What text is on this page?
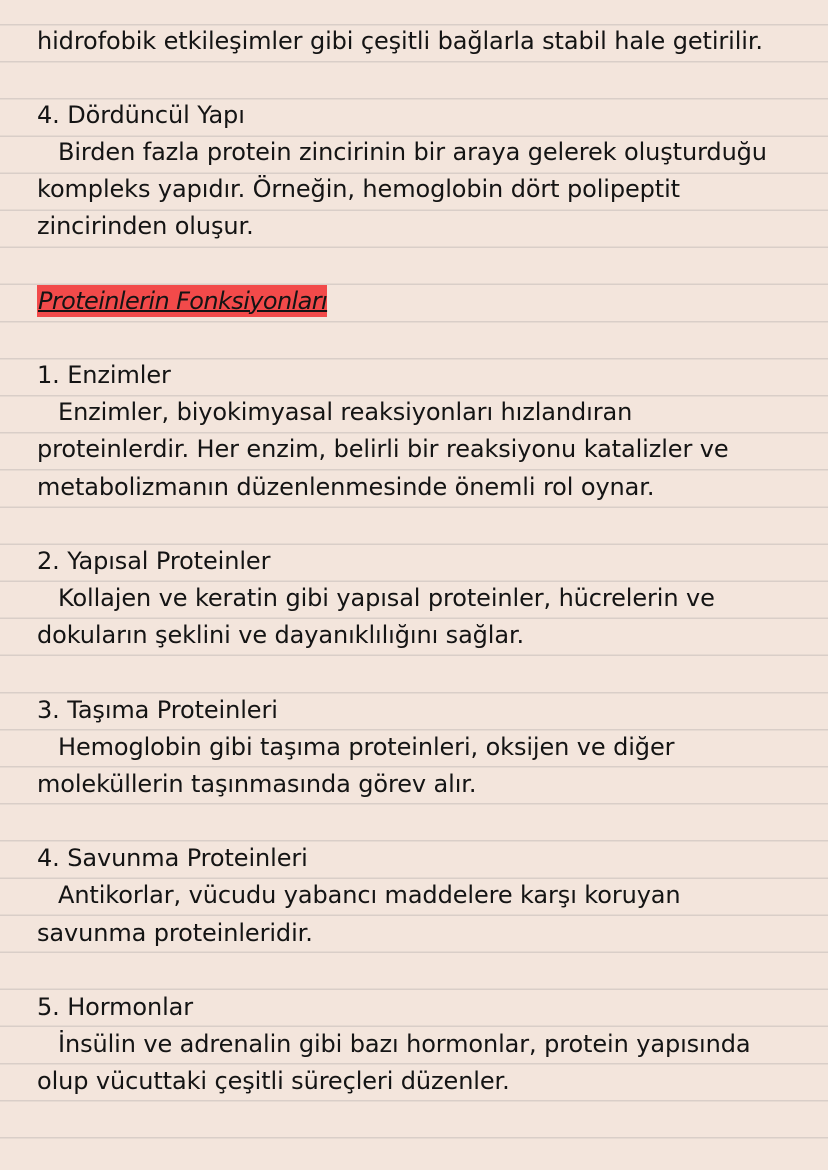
hidrofobik etkileşimler gibi çeşitli bağlarla stabil hale getirilir.
4. Dördüncül Yapı
Birden fazla protein zincirinin bir araya gelerek oluşturduğu
kompleks yapıdır. Örneğin, hemoglobin dört polipeptit
zincirinden oluşur.
Proteinlerin Fonksiyonları
1. Enzimler
Enzimler, biyokimyasal reaksiyonları hızlandıran
proteinlerdir. Her enzim, belirli bir reaksiyonu katalizler ve
metabolizmanın düzenlenmesinde önemli rol oynar.
2. Yapısal Proteinler
Kollajen ve keratin gibi yapısal proteinler, hücrelerin ve
dokuların şeklini ve dayanıklılığını sağlar.
3. Taşıma Proteinleri
Hemoglobin gibi taşıma proteinleri, oksijen ve diğer
moleküllerin taşınmasında görev alır.
4. Savunma Proteinleri
Antikorlar, vücudu yabancı maddelere karşı koruyan
savunma proteinleridir.
5. Hormonlar
İnsülin ve adrenalin gibi bazı hormonlar, protein yapısında
olup vücuttaki çeşitli süreçleri düzenler.
